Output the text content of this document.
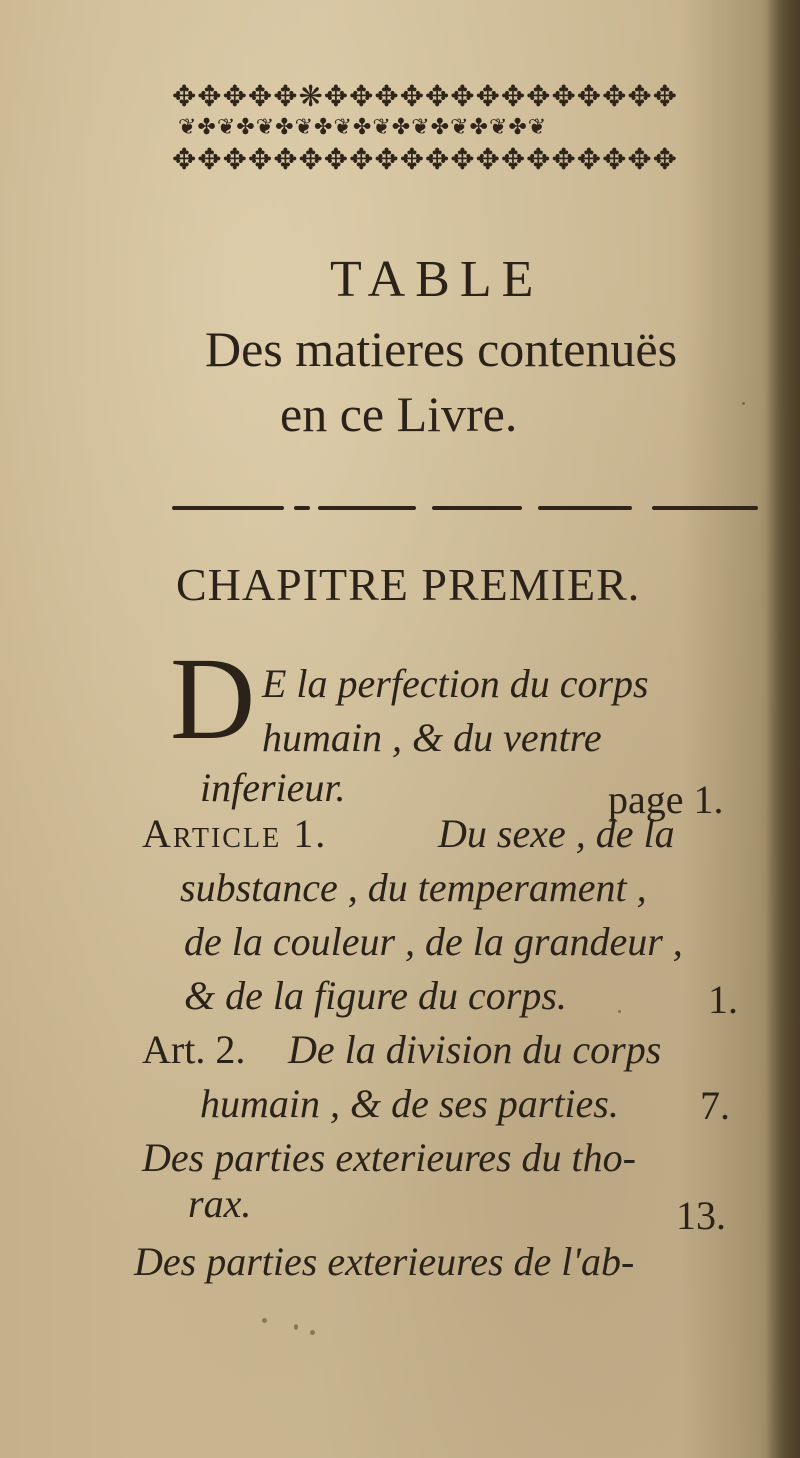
✥✥✥✥✥❋✥✥✥✥✥✥✥✥✥✥✥✥✥✥
❦✤❦✤❦✤❦✤❦✤❦✤❦✤❦✤❦✤❦
✥✥✥✥✥✥✥✥✥✥✥✥✥✥✥✥✥✥✥✥
TABLE
Des matieres contenuës
en ce Livre.
CHAPITRE PREMIER.
D E la perfection du corps
humain , & du ventre
inferieur.	page 1.
Article 1.	Du sexe , de la
substance , du temperament ,
de la couleur , de la grandeur ,
& de la figure du corps.	1.
Art. 2. De la division du corps
humain , & de ses parties. 7.
Des parties exterieures du tho-
rax.	13.
Des parties exterieures de l'ab-
